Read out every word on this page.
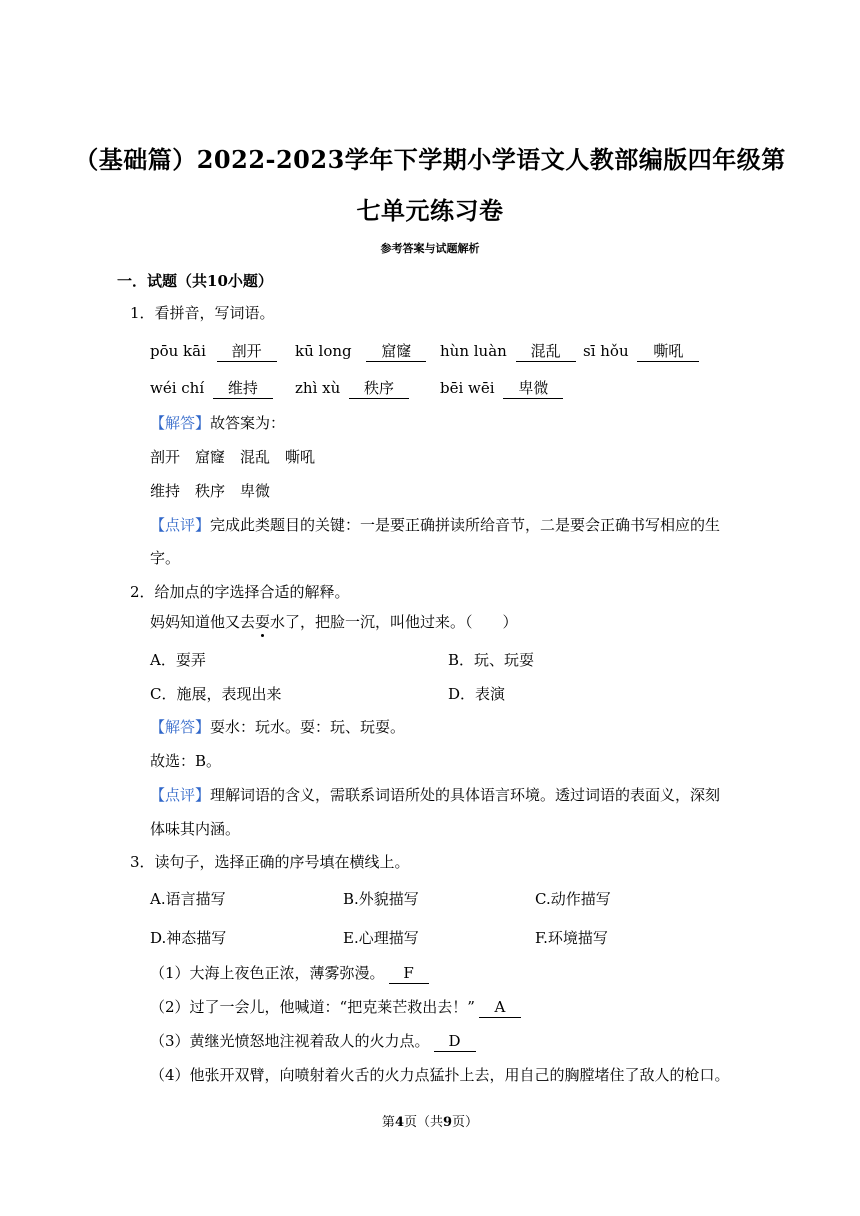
（基础篇）2022-2023学年下学期小学语文人教部编版四年级第
七单元练习卷
参考答案与试题解析
一．试题（共10小题）
1．看拼音，写词语。
pōu kāi 剖开	kū long 窟窿	hùn luàn 混乱	sī hǒu 嘶吼
wéi chí 维持	zhì xù 秩序	bēi wēi 卑微
【解答】故答案为：
剖开　窟窿　混乱　嘶吼
维持　秩序　卑微
【点评】完成此类题目的关键：一是要正确拼读所给音节，二是要会正确书写相应的生
字。
2．给加点的字选择合适的解释。
妈妈知道他又去耍水了，把脸一沉，叫他过来。（　　）
A．耍弄	B．玩、玩耍
C．施展，表现出来	D．表演
【解答】耍水：玩水。耍：玩、玩耍。
故选：B。
【点评】理解词语的含义，需联系词语所处的具体语言环境。透过词语的表面义，深刻
体味其内涵。
3．读句子，选择正确的序号填在横线上。
A.语言描写	B.外貌描写	C.动作描写
D.神态描写	E.心理描写	F.环境描写
（1）大海上夜色正浓，薄雾弥漫。 F
（2）过了一会儿，他喊道：“把克莱芒救出去！” A
（3）黄继光愤怒地注视着敌人的火力点。 D
（4）他张开双臂，向喷射着火舌的火力点猛扑上去，用自己的胸膛堵住了敌人的枪口。
第4页（共9页）
